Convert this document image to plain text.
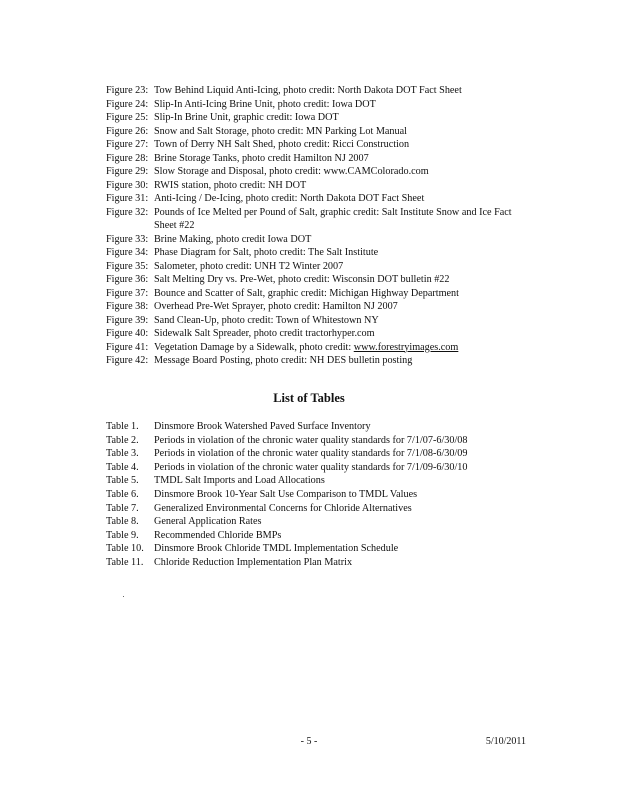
Figure 23: Tow Behind Liquid Anti-Icing, photo credit: North Dakota DOT Fact Sheet
Figure 24: Slip-In Anti-Icing Brine Unit, photo credit: Iowa DOT
Figure 25: Slip-In Brine Unit, graphic credit: Iowa DOT
Figure 26: Snow and Salt Storage, photo credit: MN Parking Lot Manual
Figure 27: Town of Derry NH Salt Shed, photo credit: Ricci Construction
Figure 28: Brine Storage Tanks, photo credit Hamilton NJ 2007
Figure 29: Slow Storage and Disposal, photo credit: www.CAMColorado.com
Figure 30: RWIS station, photo credit: NH DOT
Figure 31: Anti-Icing / De-Icing, photo credit: North Dakota DOT Fact Sheet
Figure 32: Pounds of Ice Melted per Pound of Salt, graphic credit: Salt Institute Snow and Ice Fact Sheet #22
Figure 33: Brine Making, photo credit Iowa DOT
Figure 34: Phase Diagram for Salt, photo credit: The Salt Institute
Figure 35: Salometer, photo credit: UNH T2 Winter 2007
Figure 36: Salt Melting Dry vs. Pre-Wet, photo credit: Wisconsin DOT bulletin #22
Figure 37: Bounce and Scatter of Salt, graphic credit: Michigan Highway Department
Figure 38: Overhead Pre-Wet Sprayer, photo credit: Hamilton NJ 2007
Figure 39: Sand Clean-Up, photo credit: Town of Whitestown NY
Figure 40: Sidewalk Salt Spreader, photo credit tractorhyper.com
Figure 41: Vegetation Damage by a Sidewalk, photo credit: www.forestryimages.com
Figure 42: Message Board Posting, photo credit: NH DES bulletin posting
List of Tables
Table 1. Dinsmore Brook Watershed Paved Surface Inventory
Table 2. Periods in violation of the chronic water quality standards for 7/1/07-6/30/08
Table 3. Periods in violation of the chronic water quality standards for 7/1/08-6/30/09
Table 4. Periods in violation of the chronic water quality standards for 7/1/09-6/30/10
Table 5. TMDL Salt Imports and Load Allocations
Table 6. Dinsmore Brook 10-Year Salt Use Comparison to TMDL Values
Table 7. Generalized Environmental Concerns for Chloride Alternatives
Table 8. General Application Rates
Table 9. Recommended Chloride BMPs
Table 10. Dinsmore Brook Chloride TMDL Implementation Schedule
Table 11. Chloride Reduction Implementation Plan Matrix
- 5 -	5/10/2011
